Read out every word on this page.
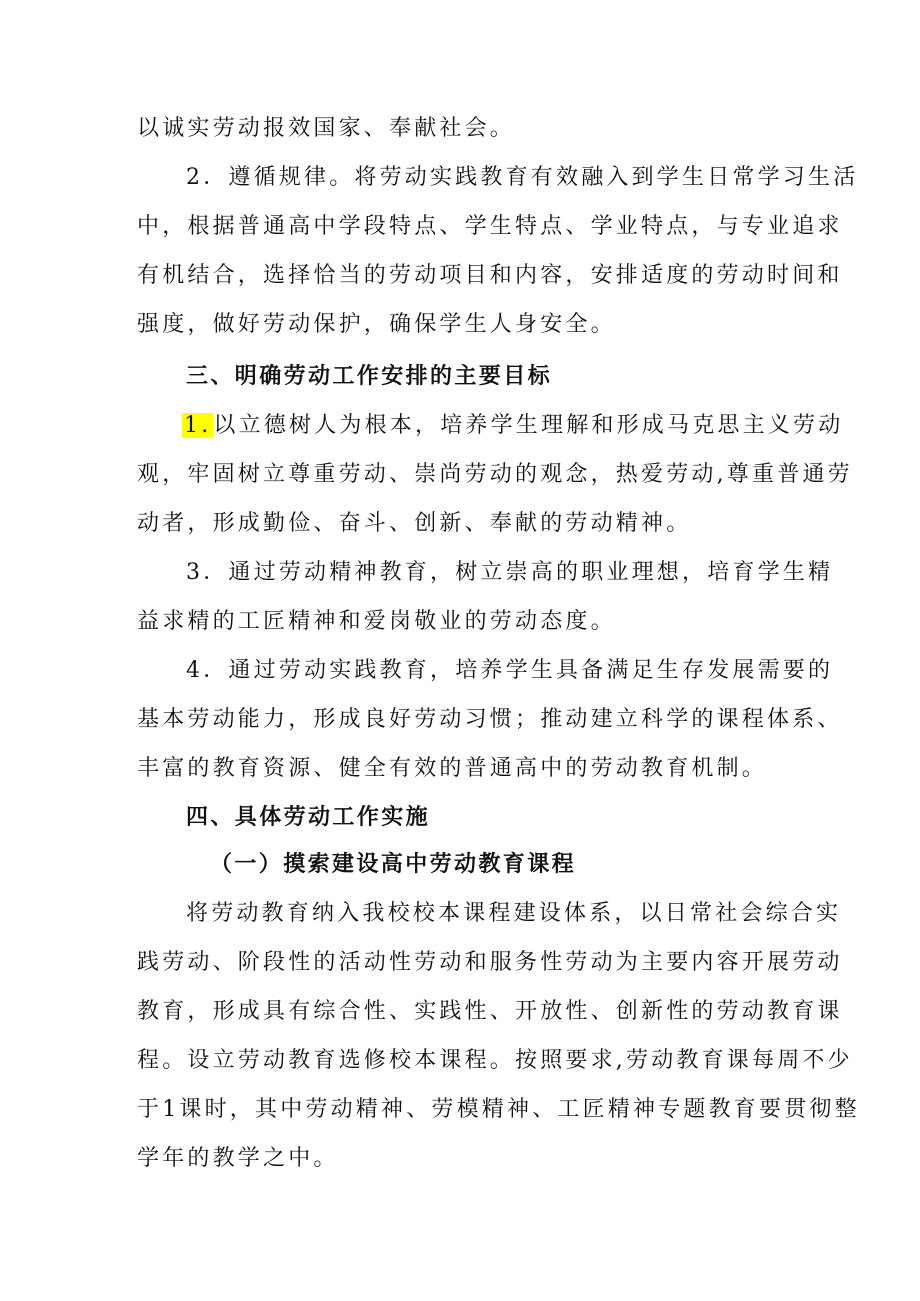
以诚实劳动报效国家、奉献社会。
2．遵循规律。将劳动实践教育有效融入到学生日常学习生活
中，根据普通高中学段特点、学生特点、学业特点，与专业追求
有机结合，选择恰当的劳动项目和内容，安排适度的劳动时间和
强度，做好劳动保护，确保学生人身安全。
三、明确劳动工作安排的主要目标
1.以立德树人为根本，培养学生理解和形成马克思主义劳动
观，牢固树立尊重劳动、崇尚劳动的观念，热爱劳动,尊重普通劳
动者，形成勤俭、奋斗、创新、奉献的劳动精神。
3．通过劳动精神教育，树立崇高的职业理想，培育学生精
益求精的工匠精神和爱岗敬业的劳动态度。
4．通过劳动实践教育，培养学生具备满足生存发展需要的
基本劳动能力，形成良好劳动习惯；推动建立科学的课程体系、
丰富的教育资源、健全有效的普通高中的劳动教育机制。
四、具体劳动工作实施
（一）摸索建设高中劳动教育课程
将劳动教育纳入我校校本课程建设体系，以日常社会综合实
践劳动、阶段性的活动性劳动和服务性劳动为主要内容开展劳动
教育，形成具有综合性、实践性、开放性、创新性的劳动教育课
程。设立劳动教育选修校本课程。按照要求,劳动教育课每周不少
于1课时，其中劳动精神、劳模精神、工匠精神专题教育要贯彻整
学年的教学之中。
